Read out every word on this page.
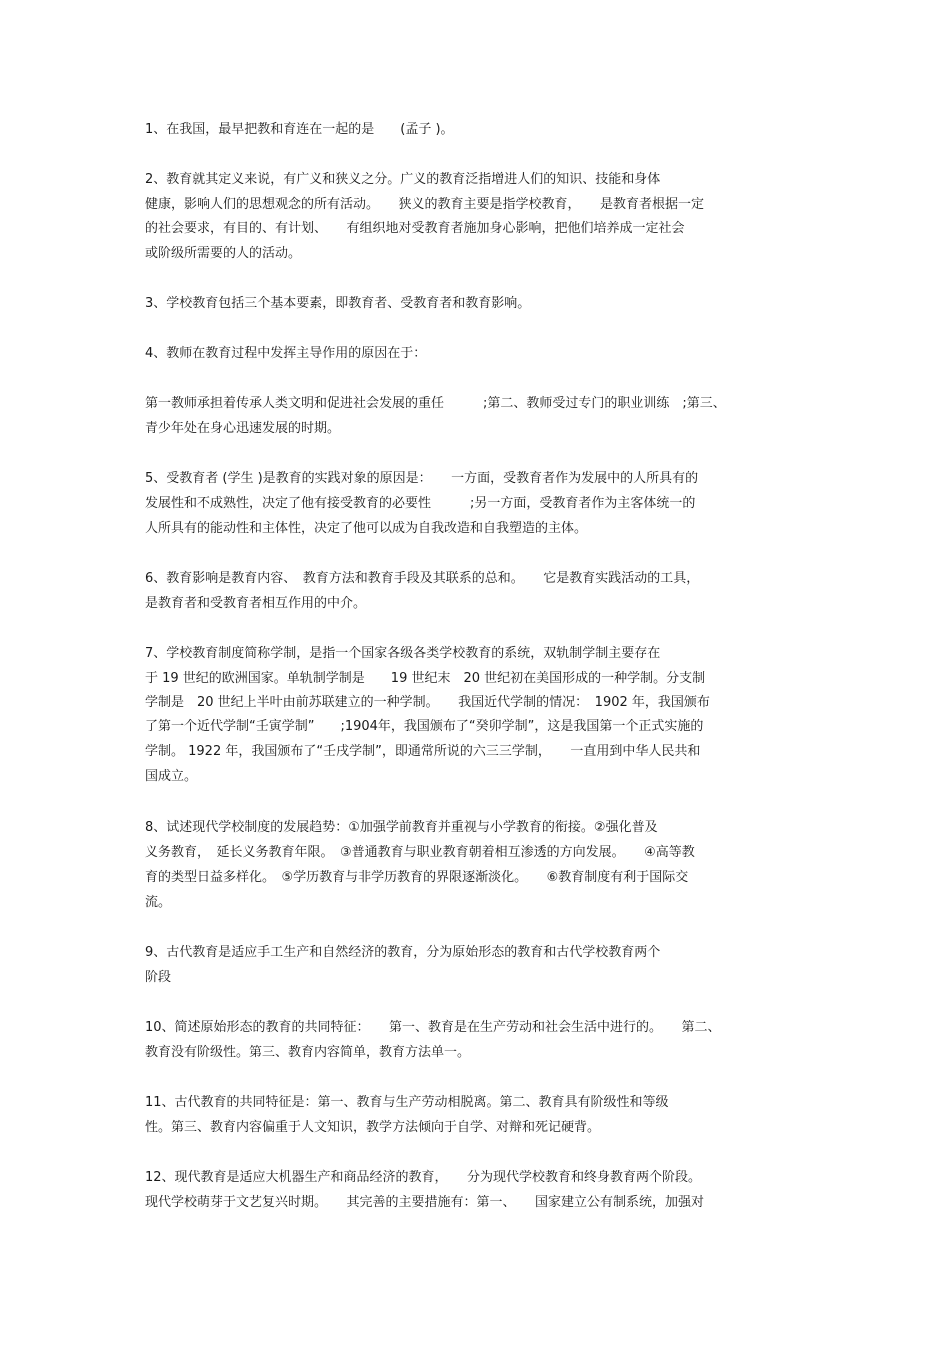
1、在我国，最早把教和育连在一起的是　　(孟子 )。
2、教育就其定义来说，有广义和狭义之分。广义的教育泛指增进人们的知识、技能和身体
健康，影响人们的思想观念的所有活动。　　狭义的教育主要是指学校教育，　　是教育者根据一定
的社会要求，有目的、有计划、　　有组织地对受教育者施加身心影响，把他们培养成一定社会
或阶级所需要的人的活动。
3、学校教育包括三个基本要素，即教育者、受教育者和教育影响。
4、教师在教育过程中发挥主导作用的原因在于：
第一教师承担着传承人类文明和促进社会发展的重任　　　;第二、教师受过专门的职业训练　;第三、
青少年处在身心迅速发展的时期。
5、受教育者 (学生 )是教育的实践对象的原因是：　　一方面，受教育者作为发展中的人所具有的
发展性和不成熟性，决定了他有接受教育的必要性　　　;另一方面，受教育者作为主客体统一的
人所具有的能动性和主体性，决定了他可以成为自我改造和自我塑造的主体。
6、教育影响是教育内容、　教育方法和教育手段及其联系的总和。　　它是教育实践活动的工具，
是教育者和受教育者相互作用的中介。
7、学校教育制度简称学制，是指一个国家各级各类学校教育的系统，双轨制学制主要存在
于 19 世纪的欧洲国家。单轨制学制是　　19 世纪末　20 世纪初在美国形成的一种学制。分支制
学制是　20 世纪上半叶由前苏联建立的一种学制。　　我国近代学制的情况：　1902 年，我国颁布
了第一个近代学制“壬寅学制”　　;1904年，我国颁布了“癸卯学制”，这是我国第一个正式实施的
学制。 1922 年，我国颁布了“壬戌学制”，即通常所说的六三三学制，　　一直用到中华人民共和
国成立。
8、试述现代学校制度的发展趋势：①加强学前教育并重视与小学教育的衔接。②强化普及
义务教育，　延长义务教育年限。　③普通教育与职业教育朝着相互渗透的方向发展。　　④高等教
育的类型日益多样化。　⑤学历教育与非学历教育的界限逐渐淡化。　　⑥教育制度有利于国际交
流。
9、古代教育是适应手工生产和自然经济的教育，分为原始形态的教育和古代学校教育两个
阶段
10、简述原始形态的教育的共同特征：　　第一、教育是在生产劳动和社会生活中进行的。　　第二、
教育没有阶级性。第三、教育内容简单，教育方法单一。
11、古代教育的共同特征是：第一、教育与生产劳动相脱离。第二、教育具有阶级性和等级
性。第三、教育内容偏重于人文知识，教学方法倾向于自学、对辩和死记硬背。
12、现代教育是适应大机器生产和商品经济的教育，　　分为现代学校教育和终身教育两个阶段。
现代学校萌芽于文艺复兴时期。　　其完善的主要措施有：第一、　　国家建立公有制系统，加强对
